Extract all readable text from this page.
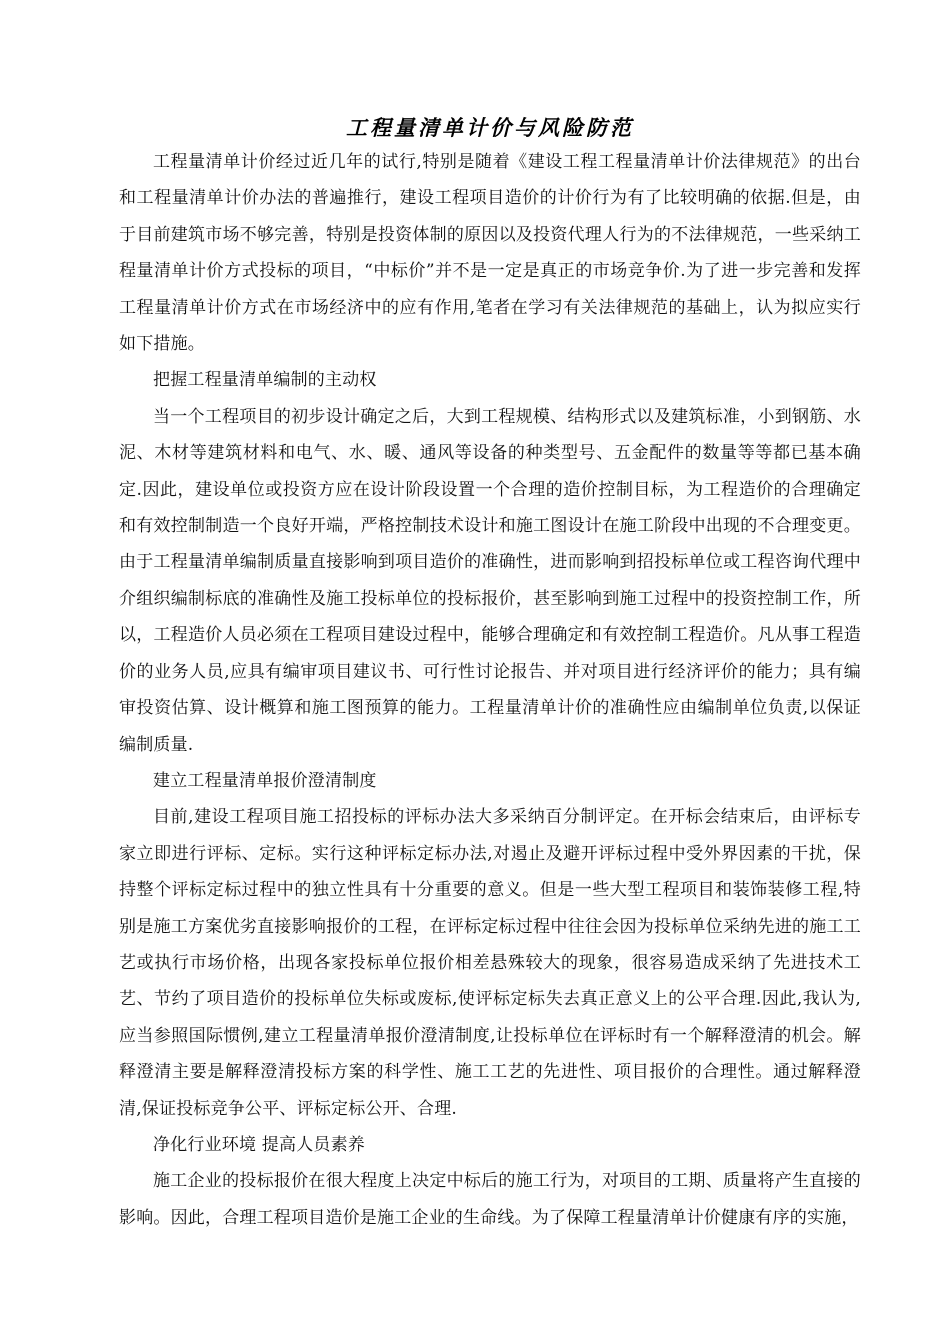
工程量清单计价与风险防范

工程量清单计价经过近几年的试行,特别是随着《建设工程工程量清单计价法律规范》的出台和工程量清单计价办法的普遍推行，建设工程项目造价的计价行为有了比较明确的依据.但是，由于目前建筑市场不够完善，特别是投资体制的原因以及投资代理人行为的不法律规范，一些采纳工程量清单计价方式投标的项目，“中标价”并不是一定是真正的市场竞争价.为了进一步完善和发挥工程量清单计价方式在市场经济中的应有作用,笔者在学习有关法律规范的基础上，认为拟应实行如下措施。

把握工程量清单编制的主动权

当一个工程项目的初步设计确定之后，大到工程规模、结构形式以及建筑标准，小到钢筋、水泥、木材等建筑材料和电气、水、暖、通风等设备的种类型号、五金配件的数量等等都已基本确定.因此，建设单位或投资方应在设计阶段设置一个合理的造价控制目标，为工程造价的合理确定和有效控制制造一个良好开端，严格控制技术设计和施工图设计在施工阶段中出现的不合理变更。由于工程量清单编制质量直接影响到项目造价的准确性，进而影响到招投标单位或工程咨询代理中介组织编制标底的准确性及施工投标单位的投标报价，甚至影响到施工过程中的投资控制工作，所以，工程造价人员必须在工程项目建设过程中，能够合理确定和有效控制工程造价。凡从事工程造价的业务人员,应具有编审项目建议书、可行性讨论报告、并对项目进行经济评价的能力；具有编审投资估算、设计概算和施工图预算的能力。工程量清单计价的准确性应由编制单位负责,以保证编制质量.

建立工程量清单报价澄清制度

目前,建设工程项目施工招投标的评标办法大多采纳百分制评定。在开标会结束后，由评标专家立即进行评标、定标。实行这种评标定标办法,对遏止及避开评标过程中受外界因素的干扰，保持整个评标定标过程中的独立性具有十分重要的意义。但是一些大型工程项目和装饰装修工程,特别是施工方案优劣直接影响报价的工程，在评标定标过程中往往会因为投标单位采纳先进的施工工艺或执行市场价格，出现各家投标单位报价相差悬殊较大的现象，很容易造成采纳了先进技术工艺、节约了项目造价的投标单位失标或废标,使评标定标失去真正意义上的公平合理.因此,我认为,应当参照国际惯例,建立工程量清单报价澄清制度,让投标单位在评标时有一个解释澄清的机会。解释澄清主要是解释澄清投标方案的科学性、施工工艺的先进性、项目报价的合理性。通过解释澄清,保证投标竞争公平、评标定标公开、合理.

净化行业环境 提高人员素养

施工企业的投标报价在很大程度上决定中标后的施工行为，对项目的工期、质量将产生直接的影响。因此，合理工程项目造价是施工企业的生命线。为了保障工程量清单计价健康有序的实施，
